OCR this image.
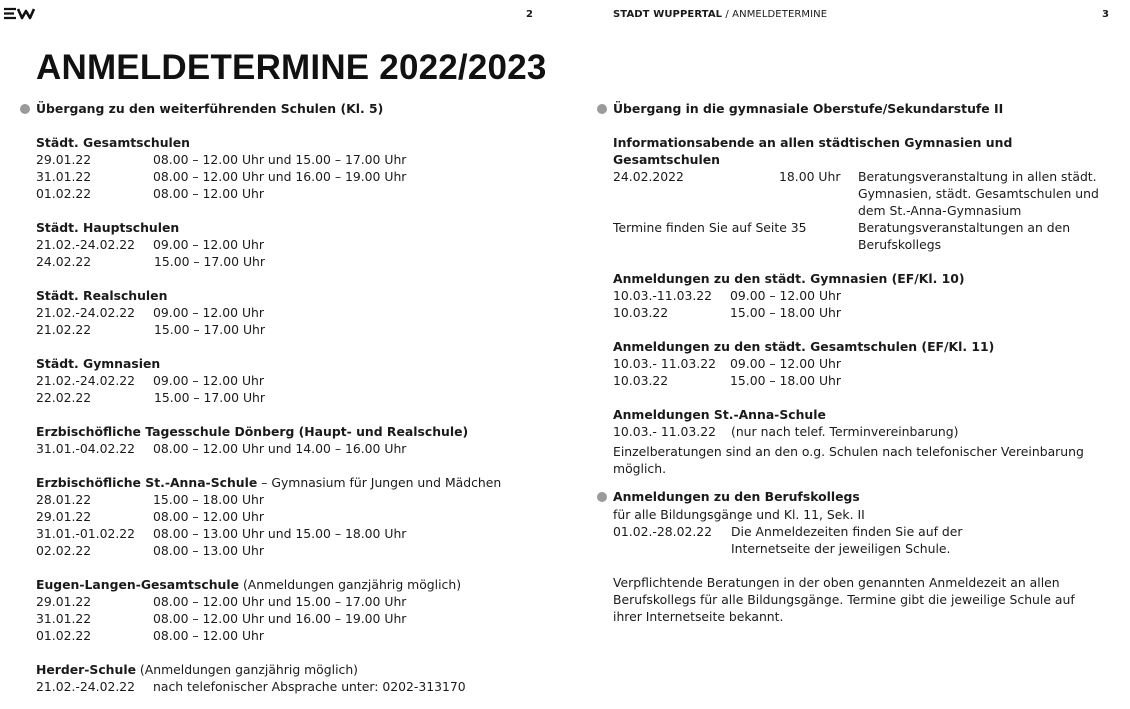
2	STADT WUPPERTAL / ANMELDETERMINE	3
ANMELDETERMINE 2022/2023
Übergang zu den weiterführenden Schulen (Kl. 5)
Städt. Gesamtschulen
29.01.22	08.00 – 12.00 Uhr und 15.00 – 17.00 Uhr
31.01.22	08.00 – 12.00 Uhr und 16.00 – 19.00 Uhr
01.02.22	08.00 – 12.00 Uhr
Städt. Hauptschulen
21.02.-24.02.22	09.00 – 12.00 Uhr
24.02.22	15.00 – 17.00 Uhr
Städt. Realschulen
21.02.-24.02.22	09.00 – 12.00 Uhr
21.02.22	15.00 – 17.00 Uhr
Städt. Gymnasien
21.02.-24.02.22	09.00 – 12.00 Uhr
22.02.22	15.00 – 17.00 Uhr
Erzbischöfliche Tagesschule Dönberg (Haupt- und Realschule)
31.01.-04.02.22	08.00 – 12.00 Uhr und 14.00 – 16.00 Uhr
Erzbischöfliche St.-Anna-Schule – Gymnasium für Jungen und Mädchen
28.01.22	15.00 – 18.00 Uhr
29.01.22	08.00 – 12.00 Uhr
31.01.-01.02.22	08.00 – 13.00 Uhr und 15.00 – 18.00 Uhr
02.02.22	08.00 – 13.00 Uhr
Eugen-Langen-Gesamtschule (Anmeldungen ganzjährig möglich)
29.01.22	08.00 – 12.00 Uhr und 15.00 – 17.00 Uhr
31.01.22	08.00 – 12.00 Uhr und 16.00 – 19.00 Uhr
01.02.22	08.00 – 12.00 Uhr
Herder-Schule (Anmeldungen ganzjährig möglich)
21.02.-24.02.22	nach telefonischer Absprache unter: 0202-313170
Übergang in die gymnasiale Oberstufe/Sekundarstufe II
Informationsabende an allen städtischen Gymnasien und Gesamtschulen
24.02.2022	18.00 Uhr	Beratungsveranstaltung in allen städt. Gymnasien, städt. Gesamtschulen und dem St.-Anna-Gymnasium
Termine finden Sie auf Seite 35	Beratungsveranstaltungen an den Berufskollegs
Anmeldungen zu den städt. Gymnasien (EF/Kl. 10)
10.03.-11.03.22	09.00 – 12.00 Uhr
10.03.22	15.00 – 18.00 Uhr
Anmeldungen zu den städt. Gesamtschulen (EF/Kl. 11)
10.03.- 11.03.22	09.00 – 12.00 Uhr
10.03.22	15.00 – 18.00 Uhr
Anmeldungen St.-Anna-Schule
10.03.- 11.03.22	(nur nach telef. Terminvereinbarung)
Einzelberatungen sind an den o.g. Schulen nach telefonischer Vereinbarung möglich.
Anmeldungen zu den Berufskollegs
für alle Bildungsgänge und Kl. 11, Sek. II
01.02.-28.02.22	Die Anmeldezeiten finden Sie auf der Internetseite der jeweiligen Schule.
Verpflichtende Beratungen in der oben genannten Anmeldezeit an allen Berufskollegs für alle Bildungsgänge. Termine gibt die jeweilige Schule auf ihrer Internetseite bekannt.
